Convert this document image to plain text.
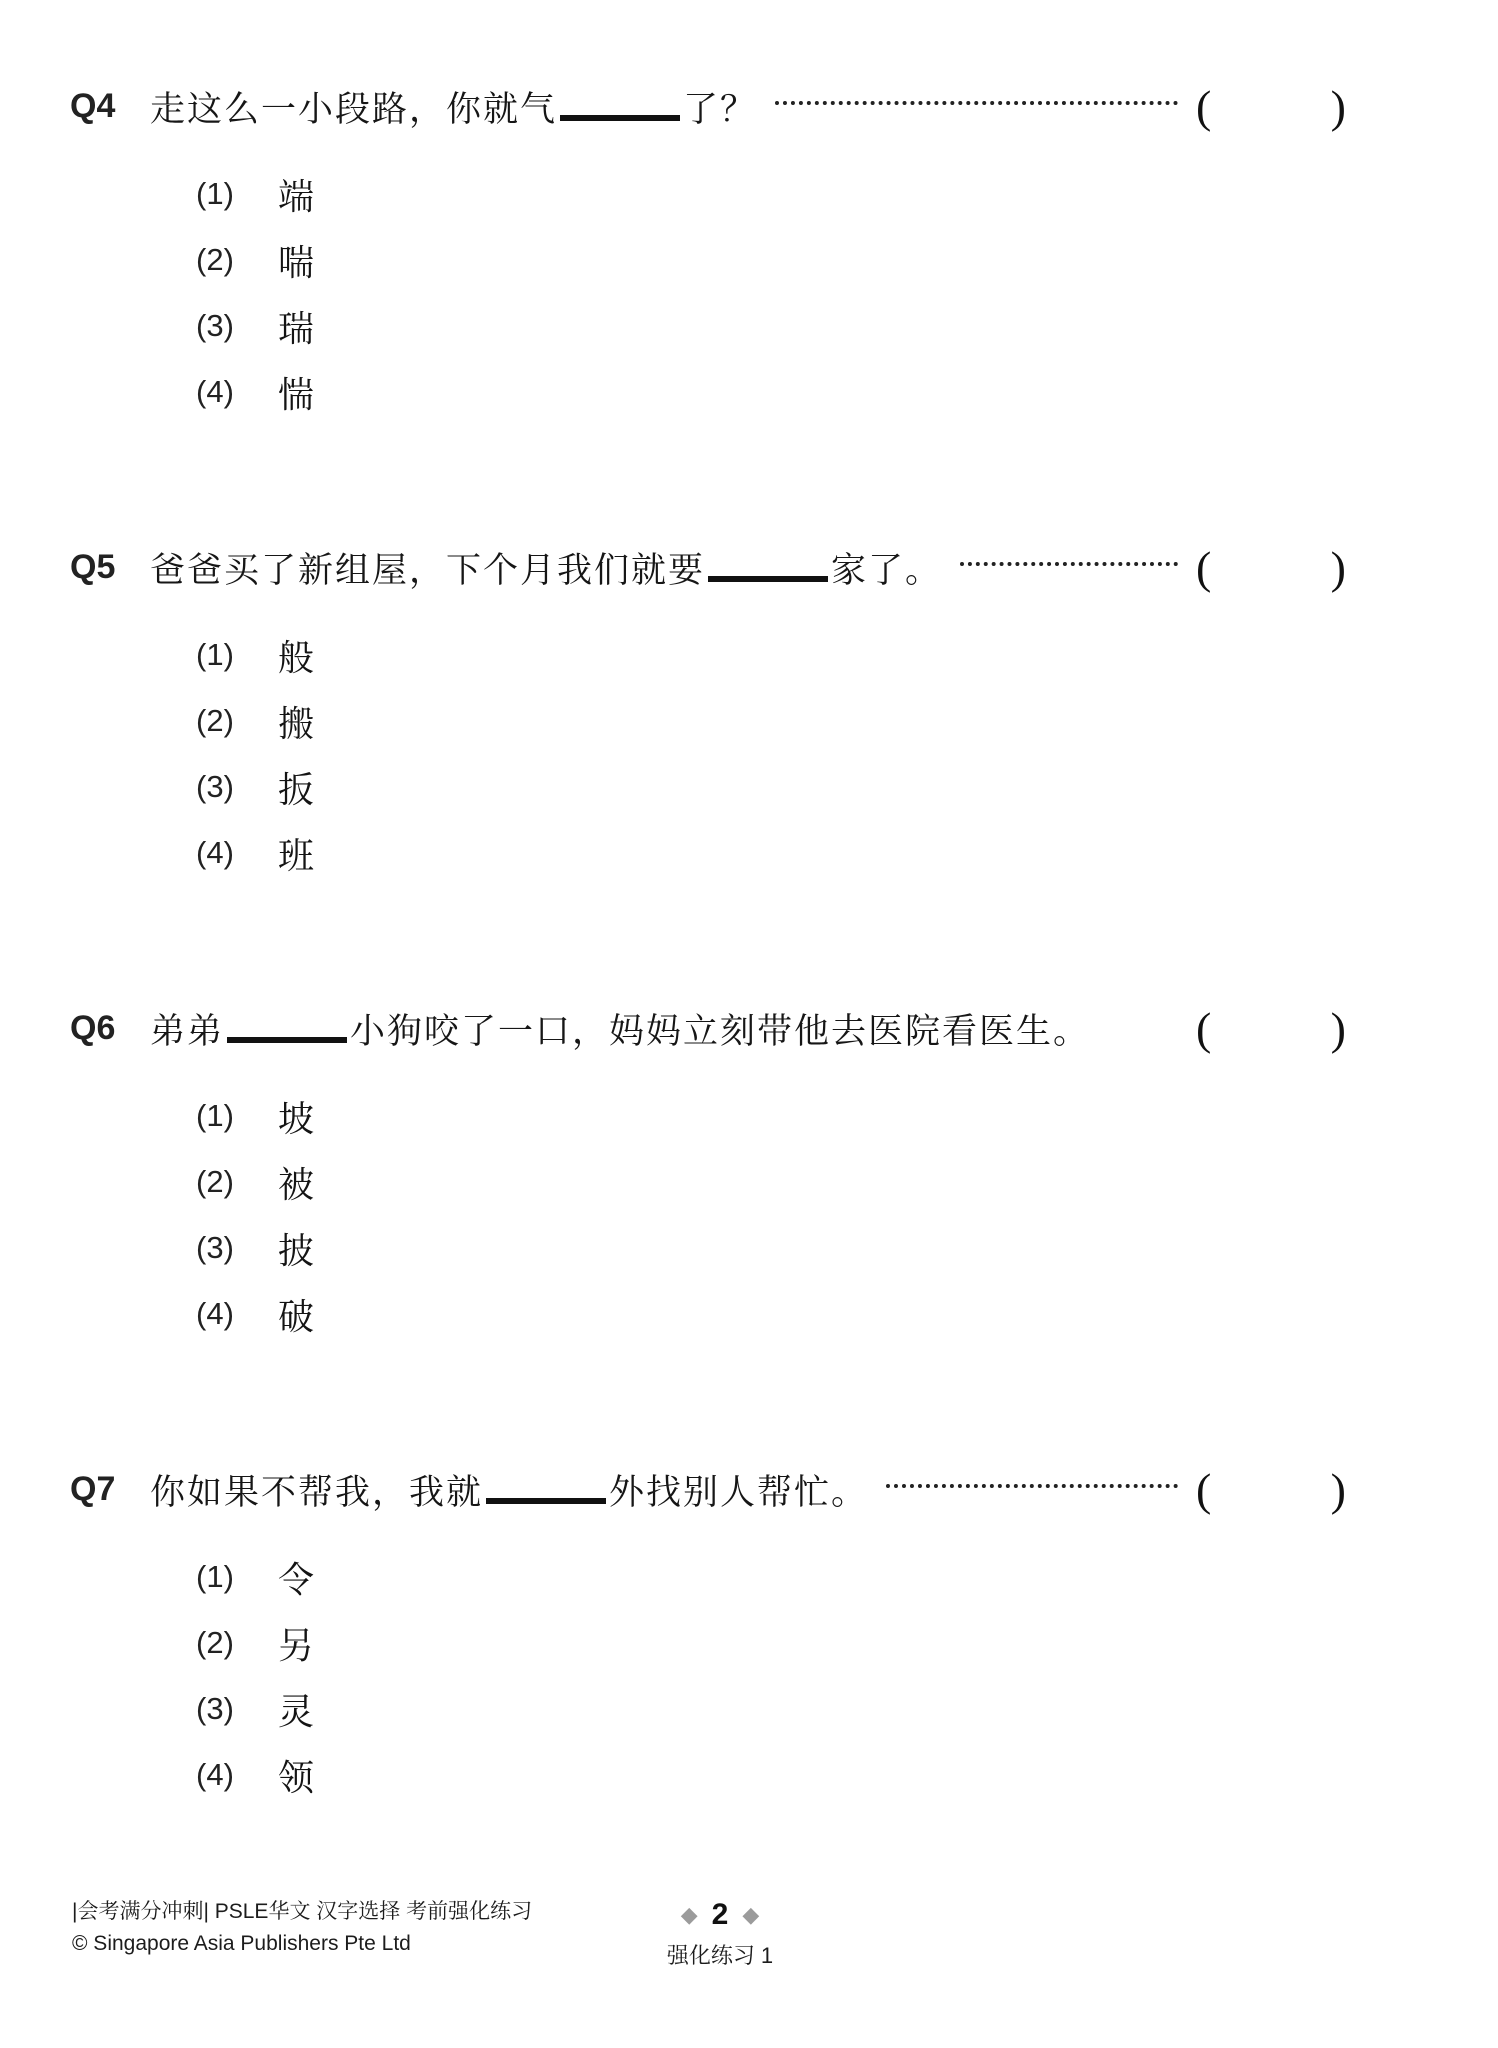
Q4 走这么一小段路，你就气	了？	(	)
(1)	端
(2)	喘
(3)	瑞
(4)	惴
Q5 爸爸买了新组屋，下个月我们就要	家了。	(	)
(1)	般
(2)	搬
(3)	扳
(4)	班
Q6 弟弟	小狗咬了一口，妈妈立刻带他去医院看医生。 (	)
(1)	坡
(2)	被
(3)	披
(4)	破
Q7 你如果不帮我，我就	外找别人帮忙。	(	)
(1)	令
(2)	另
(3)	灵
(4)	领
|会考满分冲刺| PSLE华文 汉字选择 考前强化练习
© Singapore Asia Publishers Pte Ltd
◆ 2 ◆
强化练习 1
